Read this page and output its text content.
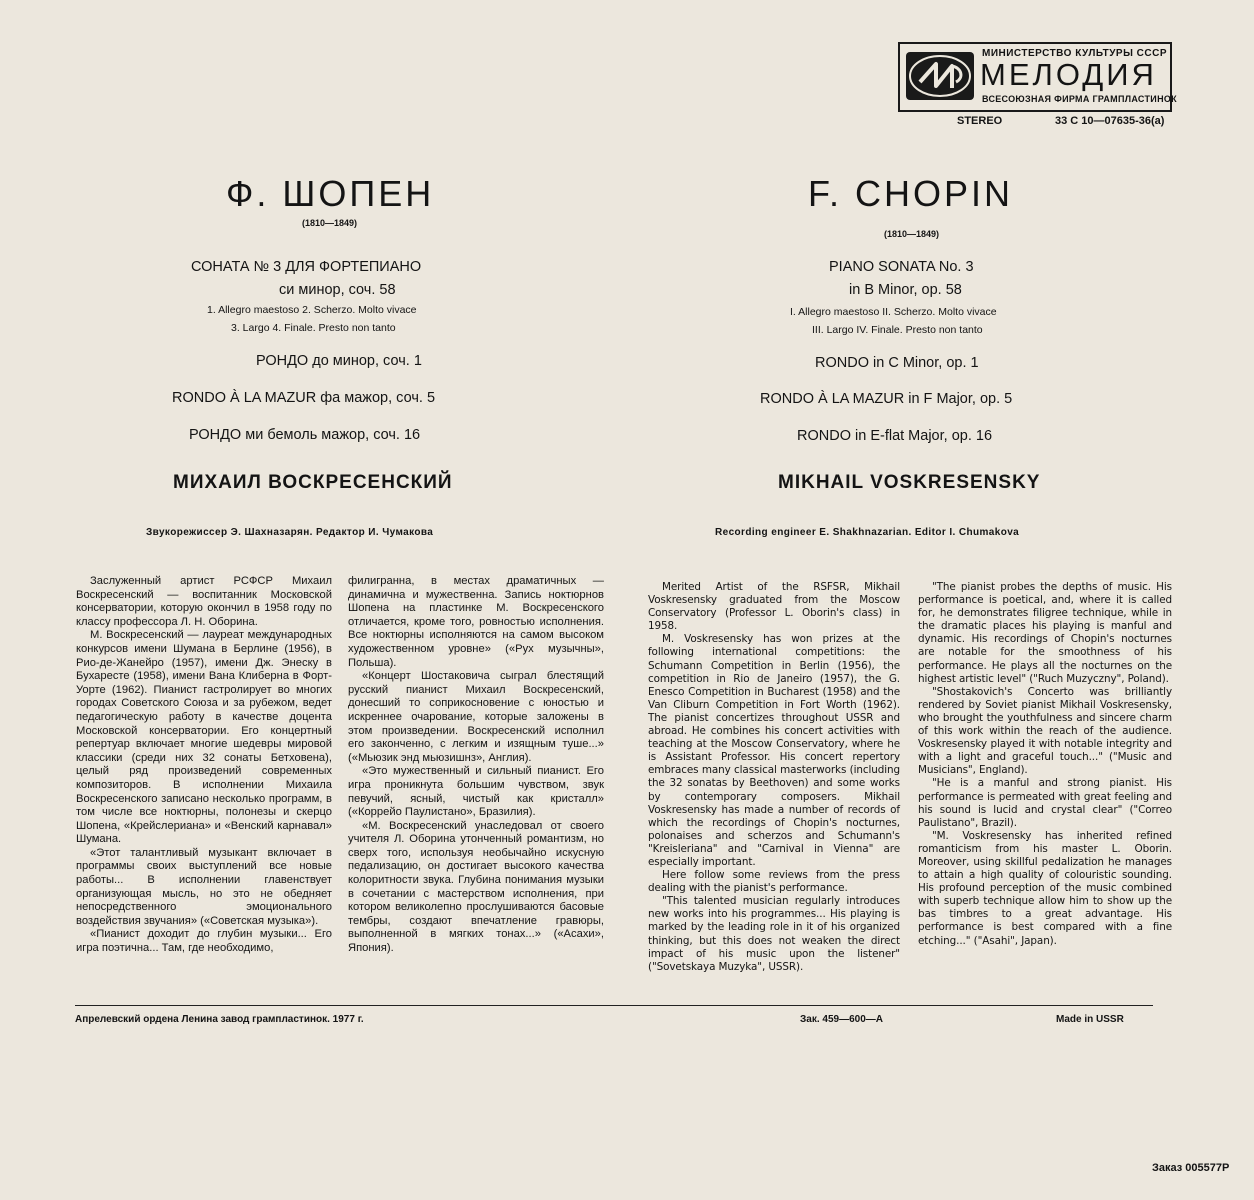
МИНИСТЕРСТВО КУЛЬТУРЫ СССР
МЕЛОДИЯ
ВСЕСОЮЗНАЯ ФИРМА ГРАМПЛАСТИНОК
STEREO	33 С 10—07635-36(а)
Ф. ШОПЕН
(1810—1849)
СОНАТА № 3 ДЛЯ ФОРТЕПИАНО
си минор, соч. 58
1. Allegro maestoso 2. Scherzo. Molto vivace
3. Largo 4. Finale. Presto non tanto
РОНДО до минор, соч. 1
RONDO À LA MAZUR фа мажор, соч. 5
РОНДО ми бемоль мажор, соч. 16
МИХАИЛ ВОСКРЕСЕНСКИЙ
Звукорежиссер Э. Шахназарян. Редактор И. Чумакова
F. CHOPIN
(1810—1849)
PIANO SONATA No. 3
in B Minor, op. 58
I. Allegro maestoso II. Scherzo. Molto vivace
III. Largo IV. Finale. Presto non tanto
RONDO in C Minor, op. 1
RONDO À LA MAZUR in F Major, op. 5
RONDO in E-flat Major, op. 16
MIKHAIL VOSKRESENSKY
Recording engineer E. Shakhnazarian. Editor I. Chumakova

Заслуженный артист РСФСР Михаил Воскресенский — воспитанник Московской консерватории, которую окончил в 1958 году по классу профессора Л. Н. Оборина.

М. Воскресенский — лауреат международных конкурсов имени Шумана в Берлине (1956), в Рио-де-Жанейро (1957), имени Дж. Энеску в Бухаресте (1958), имени Вана Клиберна в Форт-Уорте (1962). Пианист гастролирует во многих городах Советского Союза и за рубежом, ведет педагогическую работу в качестве доцента Московской консерватории. Его концертный репертуар включает многие шедевры мировой классики (среди них 32 сонаты Бетховена), целый ряд произведений современных композиторов. В исполнении Михаила Воскресенского записано несколько программ, в том числе все ноктюрны, полонезы и скерцо Шопена, «Крейслериана» и «Венский карнавал» Шумана.

«Этот талантливый музыкант включает в программы своих выступлений все новые работы... В исполнении главенствует организующая мысль, но это не обедняет непосредственного эмоционального воздействия звучания» («Советская музыка»).

«Пианист доходит до глубин музыки... Его игра поэтична... Там, где необходимо,

филигранна, в местах драматичных — динамична и мужественна. Запись ноктюрнов Шопена на пластинке М. Воскресенского отличается, кроме того, ровностью исполнения. Все ноктюрны исполняются на самом высоком художественном уровне» («Рух музычны», Польша).

«Концерт Шостаковича сыграл блестящий русский пианист Михаил Воскресенский, донесший то соприкосновение с юностью и искреннее очарование, которые заложены в этом произведении. Воскресенский исполнил его законченно, с легким и изящным туше...» («Мьюзик энд мьюзишнз», Англия).

«Это мужественный и сильный пианист. Его игра проникнута большим чувством, звук певучий, ясный, чистый как кристалл» («Коррейо Паулистано», Бразилия).

«М. Воскресенский унаследовал от своего учителя Л. Оборина утонченный романтизм, но сверх того, используя необычайно искусную педализацию, он достигает высокого качества колоритности звука. Глубина понимания музыки в сочетании с мастерством исполнения, при котором великолепно прослушиваются басовые тембры, создают впечатление гравюры, выполненной в мягких тонах...» («Асахи», Япония).

Merited Artist of the RSFSR, Mikhail Voskresensky graduated from the Moscow Conservatory (Professor L. Oborin's class) in 1958.

M. Voskresensky has won prizes at the following international competitions: the Schumann Competition in Berlin (1956), the competition in Rio de Janeiro (1957), the G. Enesco Competition in Bucharest (1958) and the Van Cliburn Competition in Fort Worth (1962). The pianist concertizes throughout USSR and abroad. He combines his concert activities with teaching at the Moscow Conservatory, where he is Assistant Professor. His concert repertory embraces many classical masterworks (including the 32 sonatas by Beethoven) and some works by contemporary composers. Mikhail Voskresensky has made a number of records of which the recordings of Chopin's nocturnes, polonaises and scherzos and Schumann's "Kreisleriana" and "Carnival in Vienna" are especially important.

Here follow some reviews from the press dealing with the pianist's performance.

"This talented musician regularly introduces new works into his programmes... His playing is marked by the leading role in it of his organized thinking, but this does not weaken the direct impact of his music upon the listener" ("Sovetskaya Muzyka", USSR).

"The pianist probes the depths of music. His performance is poetical, and, where it is called for, he demonstrates filigree technique, while in the dramatic places his playing is manful and dynamic. His recordings of Chopin's nocturnes are notable for the smoothness of his performance. He plays all the nocturnes on the highest artistic level" ("Ruch Muzyczny", Poland).

"Shostakovich's Concerto was brilliantly rendered by Soviet pianist Mikhail Voskresensky, who brought the youthfulness and sincere charm of this work within the reach of the audience. Voskresensky played it with notable integrity and with a light and graceful touch..." ("Music and Musicians", England).

"He is a manful and strong pianist. His performance is permeated with great feeling and his sound is lucid and crystal clear" ("Correo Paulistano", Brazil).

"M. Voskresensky has inherited refined romanticism from his master L. Oborin. Moreover, using skillful pedalization he manages to attain a high quality of colouristic sounding. His profound perception of the music combined with superb technique allow him to show up the bas timbres to a great advantage. His performance is best compared with a fine etching..." ("Asahi", Japan).

Апрелевский ордена Ленина завод грампластинок. 1977 г.	Зак. 459—600—А	Made in USSR
Заказ 005577Р
